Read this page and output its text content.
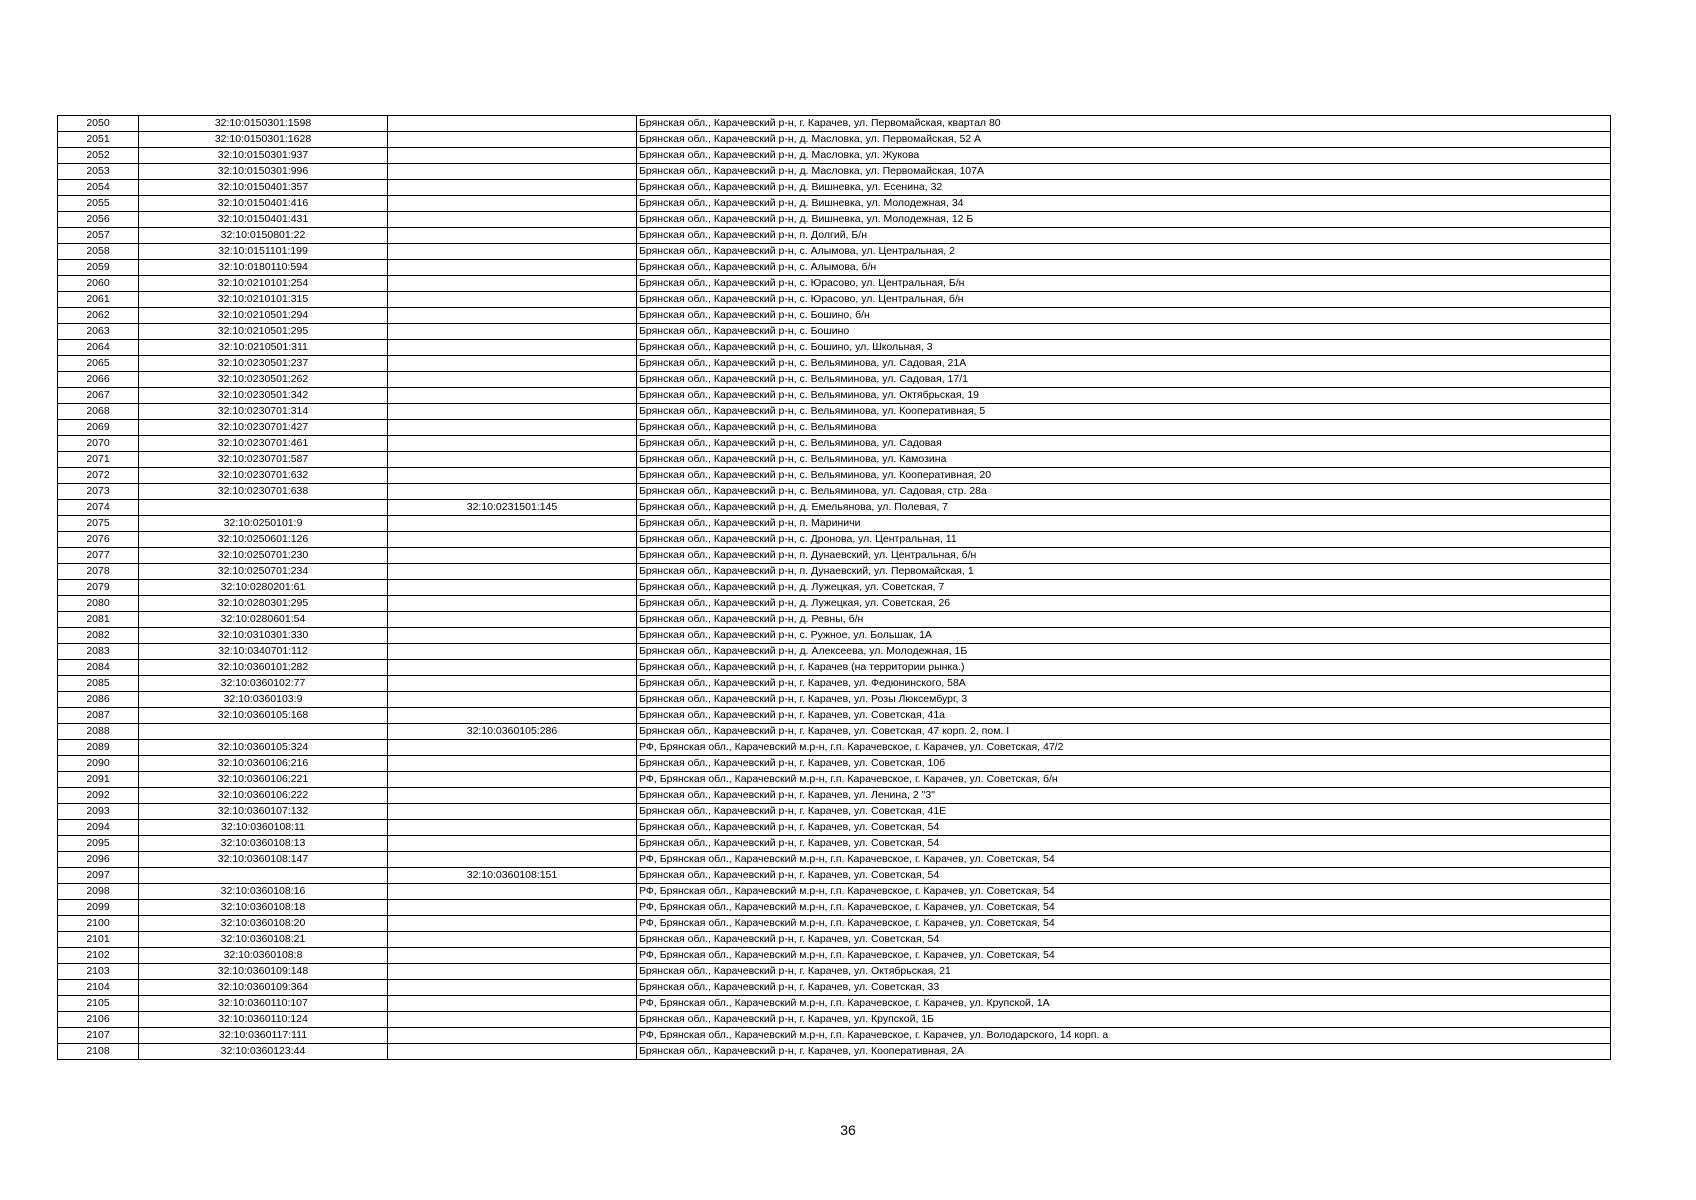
2050	32:10:0150301:1598		Брянская обл., Карачевский р-н, г. Карачев, ул. Первомайская, квартал 80
2051	32:10:0150301:1628		Брянская обл., Карачевский р-н, д. Масловка, ул. Первомайская, 52 А
2052	32:10:0150301:937		Брянская обл., Карачевский р-н, д. Масловка, ул. Жукова
2053	32:10:0150301:996		Брянская обл., Карачевский р-н, д. Масловка, ул. Первомайская, 107А
2054	32:10:0150401:357		Брянская обл., Карачевский р-н, д. Вишневка, ул. Есенина, 32
2055	32:10:0150401:416		Брянская обл., Карачевский р-н, д. Вишневка, ул. Молодежная, 34
2056	32:10:0150401:431		Брянская обл., Карачевский р-н, д. Вишневка, ул. Молодежная, 12 Б
2057	32:10:0150801:22		Брянская обл., Карачевский р-н, п. Долгий, Б/н
2058	32:10:0151101:199		Брянская обл., Карачевский р-н, с. Алымова, ул. Центральная, 2
2059	32:10:0180110:594		Брянская обл., Карачевский р-н, с. Алымова, б/н
2060	32:10:0210101:254		Брянская обл., Карачевский р-н, с. Юрасово, ул. Центральная, Б/н
2061	32:10:0210101:315		Брянская обл., Карачевский р-н, с. Юрасово, ул. Центральная, б/н
2062	32:10:0210501:294		Брянская обл., Карачевский р-н, с. Бошино, б/н
2063	32:10:0210501:295		Брянская обл., Карачевский р-н, с. Бошино
2064	32:10:0210501:311		Брянская обл., Карачевский р-н, с. Бошино, ул. Школьная, 3
2065	32:10:0230501:237		Брянская обл., Карачевский р-н, с. Вельяминова, ул. Садовая, 21А
2066	32:10:0230501:262		Брянская обл., Карачевский р-н, с. Вельяминова, ул. Садовая, 17/1
2067	32:10:0230501:342		Брянская обл., Карачевский р-н, с. Вельяминова, ул. Октябрьская, 19
2068	32:10:0230701:314		Брянская обл., Карачевский р-н, с. Вельяминова, ул. Кооперативная, 5
2069	32:10:0230701:427		Брянская обл., Карачевский р-н, с. Вельяминова
2070	32:10:0230701:461		Брянская обл., Карачевский р-н, с. Вельяминова, ул. Садовая
2071	32:10:0230701:587		Брянская обл., Карачевский р-н, с. Вельяминова, ул. Камозина
2072	32:10:0230701:632		Брянская обл., Карачевский р-н, с. Вельяминова, ул. Кооперативная, 20
2073	32:10:0230701:638		Брянская обл., Карачевский р-н, с. Вельяминова, ул. Садовая, стр. 28а
2074		32:10:0231501:145	Брянская обл., Карачевский р-н, д. Емельянова, ул. Полевая, 7
2075	32:10:0250101:9		Брянская обл., Карачевский р-н, п. Мариничи
2076	32:10:0250601:126		Брянская обл., Карачевский р-н, с. Дронова, ул. Центральная, 11
2077	32:10:0250701:230		Брянская обл., Карачевский р-н, п. Дунаевский, ул. Центральная, б/н
2078	32:10:0250701:234		Брянская обл., Карачевский р-н, п. Дунаевский, ул. Первомайская, 1
2079	32:10:0280201:61		Брянская обл., Карачевский р-н, д. Лужецкая, ул. Советская, 7
2080	32:10:0280301:295		Брянская обл., Карачевский р-н, д. Лужецкая, ул. Советская, 26
2081	32:10:0280601:54		Брянская обл., Карачевский р-н, д. Ревны, б/н
2082	32:10:0310301:330		Брянская обл., Карачевский р-н, с. Ружное, ул. Большак, 1А
2083	32:10:0340701:112		Брянская обл., Карачевский р-н, д. Алексеева, ул. Молодежная, 1Б
2084	32:10:0360101:282		Брянская обл., Карачевский р-н, г. Карачев (на территории рынка.)
2085	32:10:0360102:77		Брянская обл., Карачевский р-н, г. Карачев, ул. Федюнинского, 58А
2086	32:10:0360103:9		Брянская обл., Карачевский р-н, г. Карачев, ул. Розы Люксембург, 3
2087	32:10:0360105:168		Брянская обл., Карачевский р-н, г. Карачев, ул. Советская, 41а
2088		32:10:0360105:286	Брянская обл., Карачевский р-н, г. Карачев, ул. Советская, 47 корп. 2, пом. I
2089	32:10:0360105:324		РФ, Брянская обл., Карачевский м.р-н, г.п. Карачевское, г. Карачев, ул. Советская, 47/2
2090	32:10:0360106:216		Брянская обл., Карачевский р-н, г. Карачев, ул. Советская, 10б
2091	32:10:0360106:221		РФ, Брянская обл., Карачевский м.р-н, г.п. Карачевское, г. Карачев, ул. Советская, б/н
2092	32:10:0360106:222		Брянская обл., Карачевский р-н, г. Карачев, ул. Ленина, 2 "3"
2093	32:10:0360107:132		Брянская обл., Карачевский р-н, г. Карачев, ул. Советская, 41Е
2094	32:10:0360108:11		Брянская обл., Карачевский р-н, г. Карачев, ул. Советская, 54
2095	32:10:0360108:13		Брянская обл., Карачевский р-н, г. Карачев, ул. Советская, 54
2096	32:10:0360108:147		РФ, Брянская обл., Карачевский м.р-н, г.п. Карачевское, г. Карачев, ул. Советская, 54
2097		32:10:0360108:151	Брянская обл., Карачевский р-н, г. Карачев, ул. Советская, 54
2098	32:10:0360108:16		РФ, Брянская обл., Карачевский м.р-н, г.п. Карачевское, г. Карачев, ул. Советская, 54
2099	32:10:0360108:18		РФ, Брянская обл., Карачевский м.р-н, г.п. Карачевское, г. Карачев, ул. Советская, 54
2100	32:10:0360108:20		РФ, Брянская обл., Карачевский м.р-н, г.п. Карачевское, г. Карачев, ул. Советская, 54
2101	32:10:0360108:21		Брянская обл., Карачевский р-н, г. Карачев, ул. Советская, 54
2102	32:10:0360108:8		РФ, Брянская обл., Карачевский м.р-н, г.п. Карачевское, г. Карачев, ул. Советская, 54
2103	32:10:0360109:148		Брянская обл., Карачевский р-н, г. Карачев, ул. Октябрьская, 21
2104	32:10:0360109:364		Брянская обл., Карачевский р-н, г. Карачев, ул. Советская, 33
2105	32:10:0360110:107		РФ, Брянская обл., Карачевский м.р-н, г.п. Карачевское, г. Карачев, ул. Крупской, 1А
2106	32:10:0360110:124		Брянская обл., Карачевский р-н, г. Карачев, ул. Крупской, 1Б
2107	32:10:0360117:111		РФ, Брянская обл., Карачевский м.р-н, г.п. Карачевское, г. Карачев, ул. Володарского, 14 корп. а
2108	32:10:0360123:44		Брянская обл., Карачевский р-н, г. Карачев, ул. Кооперативная, 2А
36
